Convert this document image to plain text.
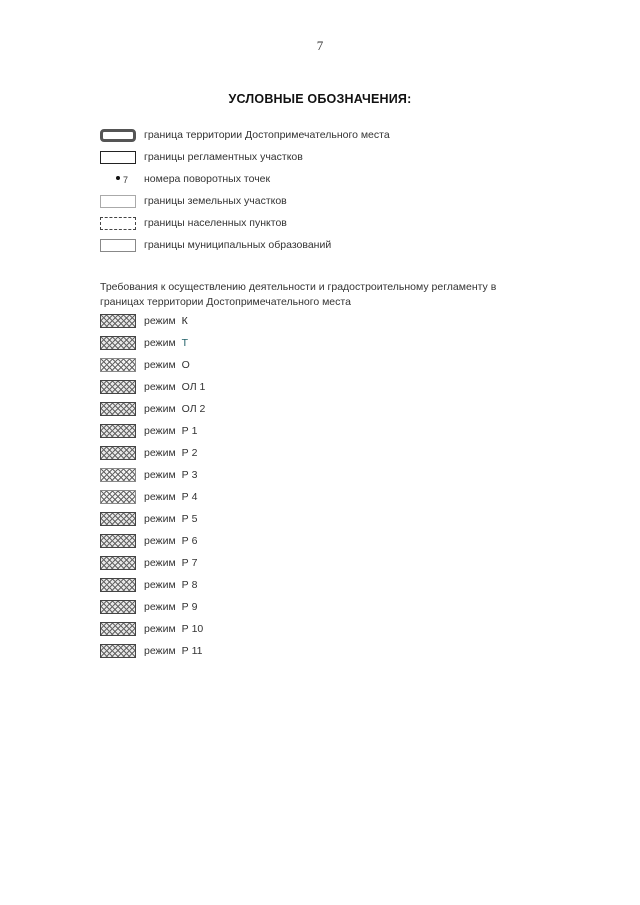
7
УСЛОВНЫЕ ОБОЗНАЧЕНИЯ:
граница территории Достопримечательного места
границы регламентных участков
7 номера поворотных точек
границы земельных участков
границы населенных пунктов
границы муниципальных образований
Требования к осуществлению деятельности и градостроительному регламенту в границах территории Достопримечательного места
режим К
режим Т
режим О
режим ОЛ 1
режим ОЛ 2
режим Р 1
режим Р 2
режим Р 3
режим Р 4
режим Р 5
режим Р 6
режим Р 7
режим Р 8
режим Р 9
режим Р 10
режим Р 11
